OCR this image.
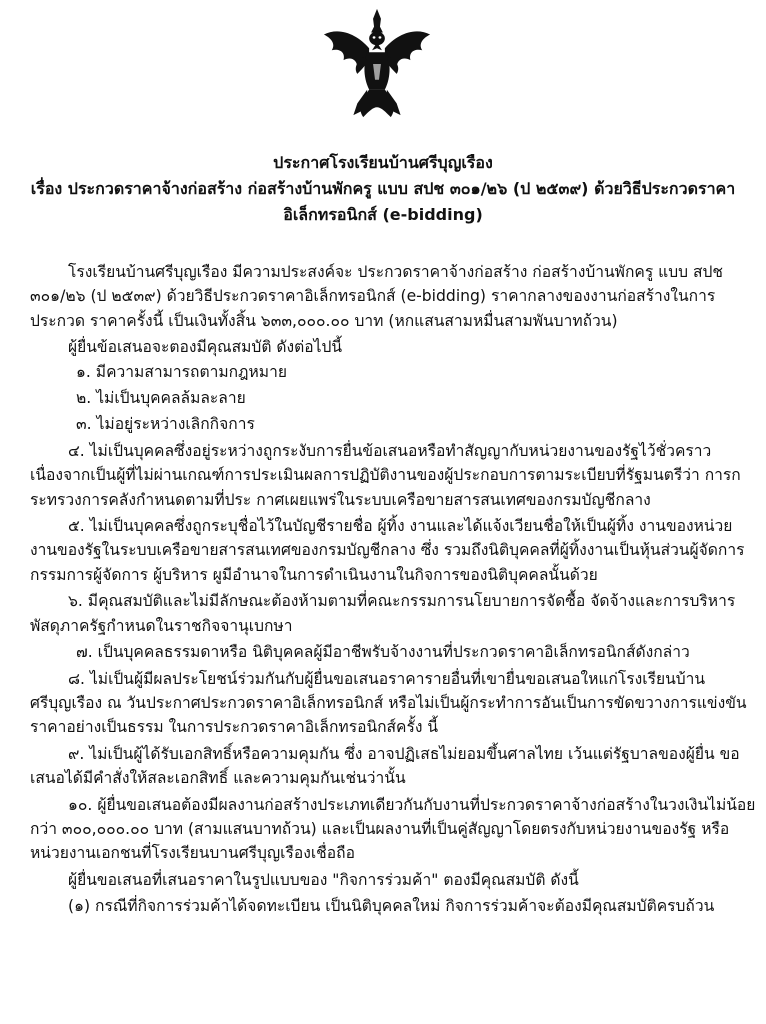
ประกาศโรงเรียนบ้านศรีบุญเรือง
เรื่อง ประกวดราคาจ้างก่อสร้าง ก่อสร้างบ้านพักครู แบบ สปช ๓๐๑/๒๖ (ป ๒๕๓๙) ด้วยวิธีประกวดราคา
อิเล็กทรอนิกส์ (e-bidding)

โรงเรียนบ้านศรีบุญเรือง มีความประสงค์จะ ประกวดราคาจ้างก่อสร้าง ก่อสร้างบ้านพักครู แบบ สปช ๓๐๑/๒๖ (ป ๒๕๓๙) ด้วยวิธีประกวดราคาอิเล็กทรอนิกส์ (e-bidding) ราคากลางของงานก่อสร้างในการประกวด ราคาครั้งนี้ เป็นเงินทั้งสิ้น ๖๓๓,๐๐๐.๐๐ บาท (หกแสนสามหมื่นสามพันบาทถ้วน)

ผู้ยื่นข้อเสนอจะตองมีคุณสมบัติ ดังต่อไปนี้

๑. มีความสามารถตามกฎหมาย

๒. ไม่เป็นบุคคลล้มละลาย

๓. ไม่อยู่ระหว่างเลิกกิจการ

๔. ไม่เป็นบุคคลซึ่งอยู่ระหว่างถูกระงับการยื่นข้อเสนอหรือทำสัญญากับหน่วยงานของรัฐไว้ชั่วคราว เนื่องจากเป็นผู้ที่ไม่ผ่านเกณฑ์การประเมินผลการปฏิบัติงานของผู้ประกอบการตามระเบียบที่รัฐมนตรีว่า การกระทรวงการคลังกำหนดตามที่ประ กาศเผยแพร่ในระบบเครือขายสารสนเทศของกรมบัญชีกลาง

๕. ไม่เป็นบุคคลซึ่งถูกระบุชื่อไว้ในบัญชีรายชื่อ ผู้ทิ้ง งานและได้แจ้งเวียนชื่อให้เป็นผู้ทิ้ง งานของหน่วยงานของรัฐในระบบเครือขายสารสนเทศของกรมบัญชีกลาง ซึ่ง รวมถึงนิติบุคคลที่ผู้ทิ้งงานเป็นหุ้นส่วนผู้จัดการ กรรมการผู้จัดการ ผู้บริหาร ผูมีอำนาจในการดำเนินงานในกิจการของนิติบุคคลนั้นด้วย

๖. มีคุณสมบัติและไม่มีลักษณะต้องห้ามตามที่คณะกรรมการนโยบายการจัดซื้อ จัดจ้างและการบริหาร พัสดุภาครัฐกำหนดในราชกิจจานุเบกษา

๗. เป็นบุคคลธรรมดาหรือ นิติบุคคลผู้มีอาชีพรับจ้างงานที่ประกวดราคาอิเล็กทรอนิกส์ดังกล่าว

๘. ไม่เป็นผู้มีผลประโยชน์ร่วมกันกับผู้ยื่นขอเสนอราคารายอื่นที่เขายื่นขอเสนอใหแก่โรงเรียนบ้าน ศรีบุญเรือง ณ วันประกาศประกวดราคาอิเล็กทรอนิกส์ หรือไม่เป็นผู้กระทำการอันเป็นการขัดขวางการแข่งขัน ราคาอย่างเป็นธรรม ในการประกวดราคาอิเล็กทรอนิกส์ครั้ง นี้

๙. ไม่เป็นผู้ได้รับเอกสิทธิ์หรือความคุมกัน ซึ่ง อาจปฏิเสธไม่ยอมขึ้นศาลไทย เว้นแต่รัฐบาลของผู้ยื่น ขอเสนอได้มีคำสั่งให้สละเอกสิทธิ์ และความคุมกันเช่นว่านั้น

๑๐. ผู้ยื่นขอเสนอต้องมีผลงานก่อสร้างประเภทเดียวกันกับงานที่ประกวดราคาจ้างก่อสร้างในวงเงินไม่น้อยกว่า ๓๐๐,๐๐๐.๐๐ บาท (สามแสนบาทถ้วน) และเป็นผลงานที่เป็นคู่สัญญาโดยตรงกับหน่วยงานของรัฐ หรือหน่วยงานเอกชนที่โรงเรียนบานศรีบุญเรืองเชื่อถือ

ผู้ยื่นขอเสนอที่เสนอราคาในรูปแบบของ "กิจการร่วมค้า" ตองมีคุณสมบัติ ดังนี้

(๑) กรณีที่กิจการร่วมค้าได้จดทะเบียน เป็นนิติบุคคลใหม่ กิจการร่วมค้าจะต้องมีคุณสมบัติครบถ้วน
